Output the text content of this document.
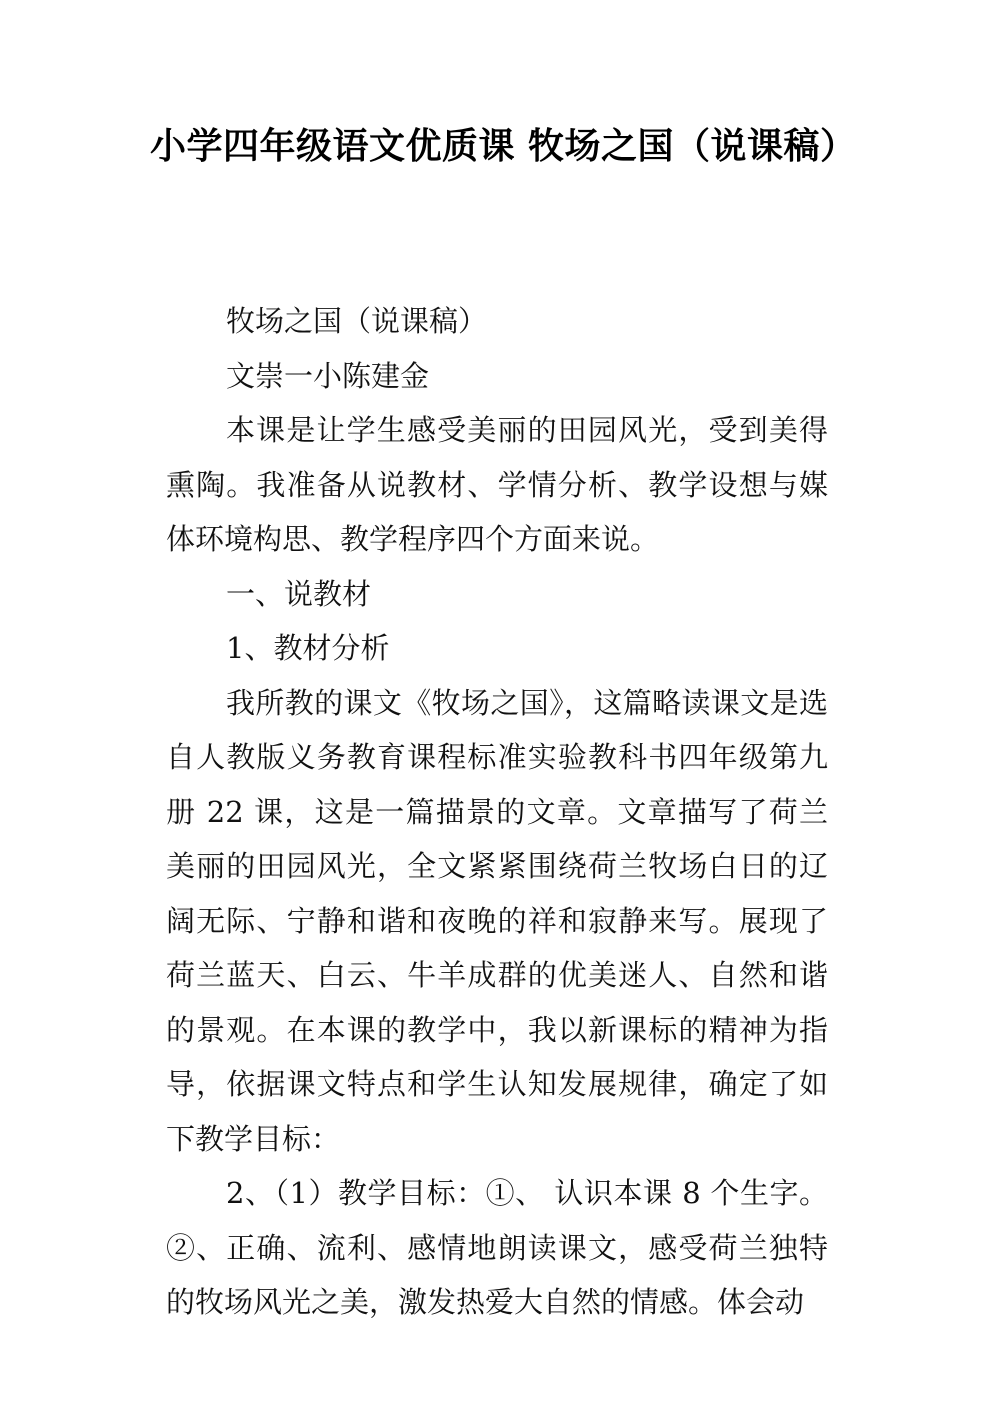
小学四年级语文优质课 牧场之国（说课稿）

牧场之国（说课稿）

文崇一小陈建金

本课是让学生感受美丽的田园风光，受到美得熏陶。我准备从说教材、学情分析、教学设想与媒体环境构思、教学程序四个方面来说。

一、说教材

1、教材分析

我所教的课文《牧场之国》，这篇略读课文是选自人教版义务教育课程标准实验教科书四年级第九册 22 课，这是一篇描景的文章。文章描写了荷兰美丽的田园风光，全文紧紧围绕荷兰牧场白日的辽阔无际、宁静和谐和夜晚的祥和寂静来写。展现了荷兰蓝天、白云、牛羊成群的优美迷人、自然和谐的景观。在本课的教学中，我以新课标的精神为指导，依据课文特点和学生认知发展规律，确定了如下教学目标：

2、（1）教学目标：①、 认识本课 8 个生字。②、正确、流利、感情地朗读课文，感受荷兰独特的牧场风光之美，激发热爱大自然的情感。体会动
